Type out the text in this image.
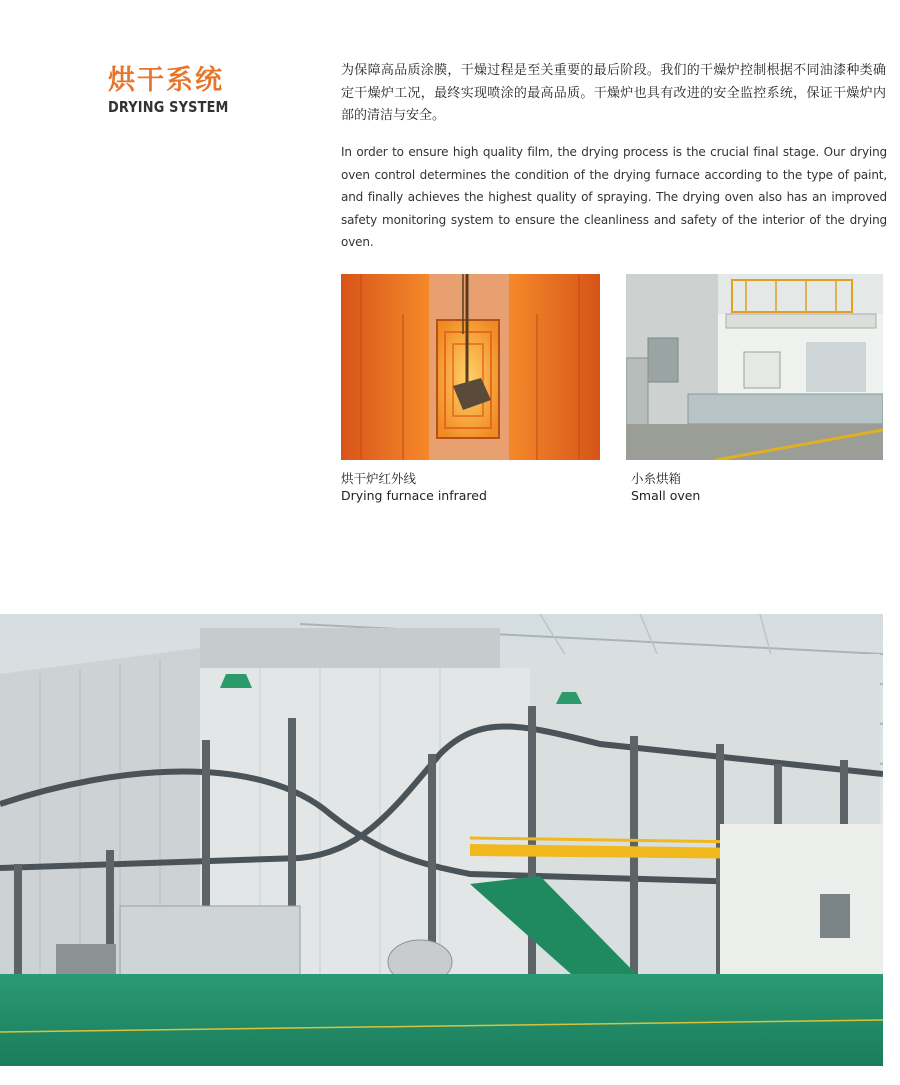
烘干系统
DRYING SYSTEM
为保障高品质涂膜，干燥过程是至关重要的最后阶段。我们的干燥炉控制根据不同油漆种类确定干燥炉工况，最终实现喷涂的最高品质。干燥炉也具有改进的安全监控系统，保证干燥炉内部的清洁与安全。
In order to ensure high quality film, the drying process is the crucial final stage. Our drying oven control determines the condition of the drying furnace according to the type of paint, and finally achieves the highest quality of spraying. The drying oven also has an improved safety monitoring system to ensure the cleanliness and safety of the interior of the drying oven.
烘干炉红外线
Drying furnace infrared
小糸烘箱
Small oven
